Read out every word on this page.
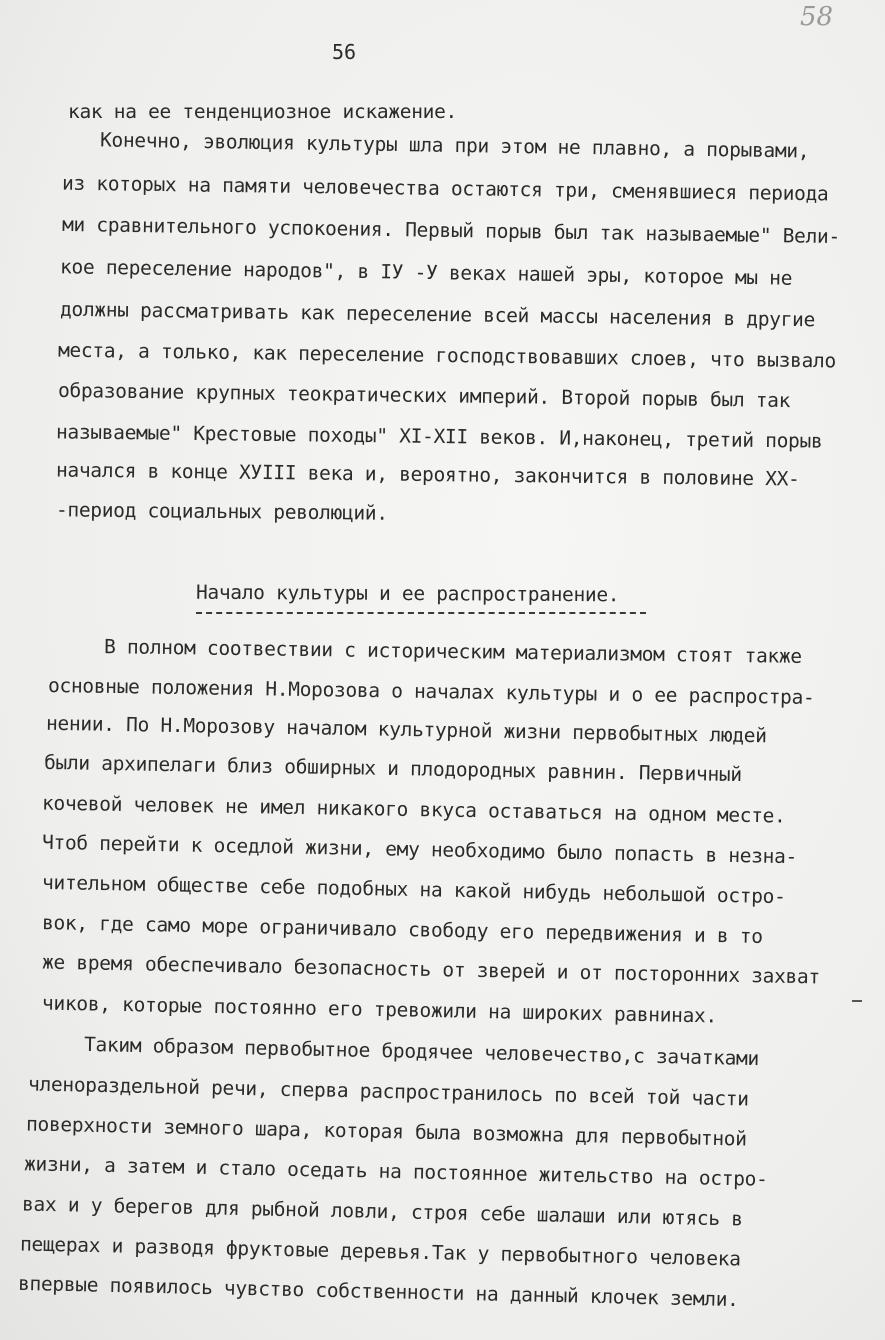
58
56
как на ее тенденциозное искажение.
Конечно, эволюция культуры шла при этом не плавно, а порывами,
из которых на памяти человечества остаются три, сменявшиеся периода
ми сравнительного успокоения. Первый порыв был так называемые" Вели-
кое переселение народов", в IУ -У веках нашей эры, которое мы не
должны рассматривать как переселение всей массы населения в другие
места, а только, как переселение господствовавших слоев, что вызвало
образование крупных теократических империй. Второй порыв был так
называемые" Крестовые походы" XI-XII веков. И,наконец, третий порыв
начался в конце XУIII века и, вероятно, закончится в половине XX-
-период социальных революций.
Начало культуры и ее распространение.
В полном соотвествии с историческим материализмом стоят также
основные положения Н.Морозова о началах культуры и о ее распростра-
нении. По Н.Морозову началом культурной жизни первобытных людей
были архипелаги близ обширных и плодородных равнин. Первичный
кочевой человек не имел никакого вкуса оставаться на одном месте.
Чтоб перейти к оседлой жизни, ему необходимо было попасть в незна-
чительном обществе себе подобных на какой нибудь небольшой остро-
вок, где само море ограничивало свободу его передвижения и в то
же время обеспечивало безопасность от зверей и от посторонних захват
чиков, которые постоянно его тревожили на широких равнинах.
Таким образом первобытное бродячее человечество,с зачатками
членораздельной речи, сперва распространилось по всей той части
поверхности земного шара, которая была возможна для первобытной
жизни, а затем и стало оседать на постоянное жительство на остро-
вах и у берегов для рыбной ловли, строя себе шалаши или ютясь в
пещерах и разводя фруктовые деревья.Так у первобытного человека
впервые появилось чувство собственности на данный клочек земли.
